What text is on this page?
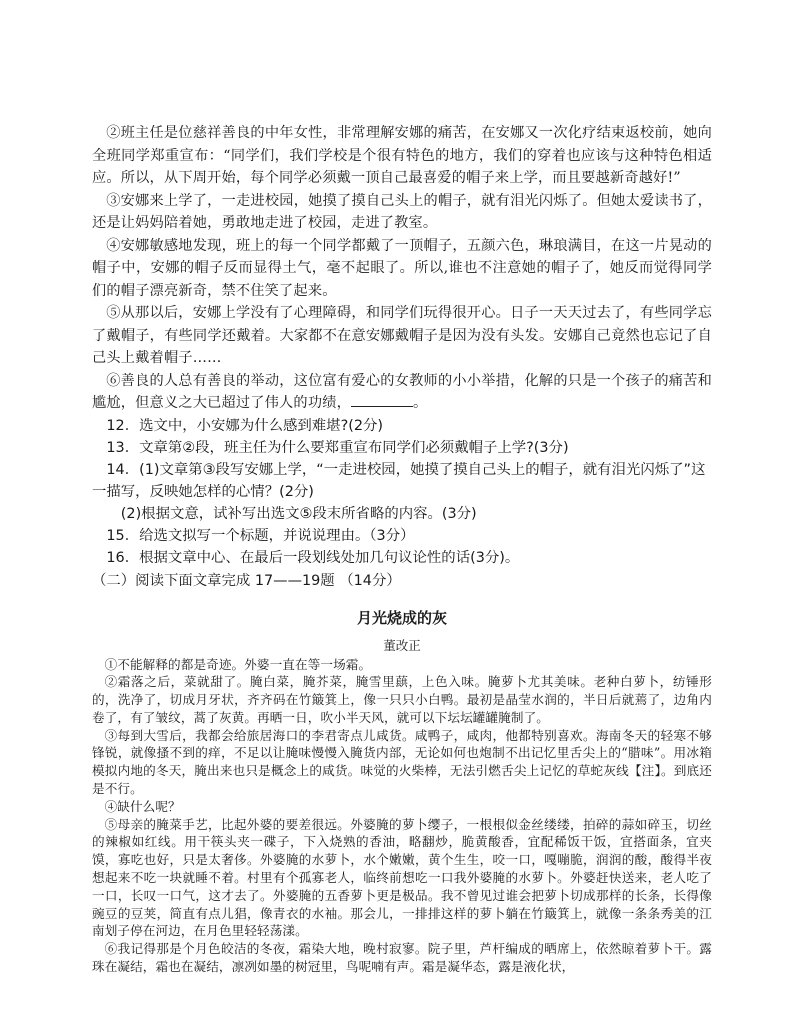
②班主任是位慈祥善良的中年女性，非常理解安娜的痛苦，在安娜又一次化疗结束返校前，她向全班同学郑重宣布：“同学们，我们学校是个很有特色的地方，我们的穿着也应该与这种特色相适应。所以，从下周开始，每个同学必须戴一顶自己最喜爱的帽子来上学，而且要越新奇越好!”

③安娜来上学了，一走进校园，她摸了摸自己头上的帽子，就有泪光闪烁了。但她太爱读书了，还是让妈妈陪着她，勇敢地走进了校园，走进了教室。

④安娜敏感地发现，班上的每一个同学都戴了一顶帽子，五颜六色，琳琅满目，在这一片晃动的帽子中，安娜的帽子反而显得土气，毫不起眼了。所以,谁也不注意她的帽子了，她反而觉得同学们的帽子漂亮新奇，禁不住笑了起来。

⑤从那以后，安娜上学没有了心理障碍，和同学们玩得很开心。日子一天天过去了，有些同学忘了戴帽子，有些同学还戴着。大家都不在意安娜戴帽子是因为没有头发。安娜自己竟然也忘记了自己头上戴着帽子……

⑥善良的人总有善良的举动，这位富有爱心的女教师的小小举措，化解的只是一个孩子的痛苦和尴尬，但意义之大已超过了伟人的功绩，	。

12．选文中，小安娜为什么感到难堪?(2分)

13．文章第②段，班主任为什么要郑重宣布同学们必须戴帽子上学?(3分)

14．(1)文章第③段写安娜上学，“一走进校园，她摸了摸自己头上的帽子，就有泪光闪烁了”这一描写，反映她怎样的心情？(2分)

(2)根据文意，试补写出选文⑤段末所省略的内容。(3分)

15．给选文拟写一个标题，并说说理由。（3分）

16．根据文章中心、在最后一段划线处加几句议论性的话(3分)。

（二）阅读下面文章完成 17——19题 （14分）

月光烧成的灰
董改正

①不能解释的都是奇迹。外婆一直在等一场霜。

②霜落之后，菜就甜了。腌白菜，腌芥菜，腌雪里蕻，上色入味。腌萝卜尤其美味。老种白萝卜，纺锤形的，洗净了，切成月牙状，齐齐码在竹簸箕上，像一只只小白鸭。最初是晶莹水润的，半日后就蔫了，边角内卷了，有了皱纹，蒿了灰黄。再晒一日，吹小半天风，就可以下坛坛罐罐腌制了。

③每到大雪后，我都会给旅居海口的李君寄点儿咸货。咸鸭子，咸肉，他都特别喜欢。海南冬天的轻寒不够锋锐，就像搔不到的痒，不足以让腌味慢慢入腌货内部，无论如何也炮制不出记忆里舌尖上的“腊味”。用冰箱模拟内地的冬天，腌出来也只是概念上的咸货。味觉的火柴棒，无法引燃舌尖上记忆的草蛇灰线【注】。到底还是不行。

④缺什么呢？

⑤母亲的腌菜手艺，比起外婆的要差很远。外婆腌的萝卜缨子，一根根似金丝缕缕，拍碎的蒜如碎玉，切丝的辣椒如红线。用干筷头夹一碟子，下入烧熟的香油，略翻炒，脆黄酸香，宜配稀饭干饭，宜搭面条，宜夹馍，寡吃也好，只是太奢侈。外婆腌的水萝卜，水个嫩嫩，黄个生生，咬一口，嘎嘣脆，润润的酸，酸得半夜想起来不吃一块就睡不着。村里有个孤寡老人，临终前想吃一口我外婆腌的水萝卜。外婆赶快送来，老人吃了一口，长叹一口气，这才去了。外婆腌的五香萝卜更是极品。我不曾见过谁会把萝卜切成那样的长条，长得像豌豆的豆荚，简直有点儿猖，像青衣的水袖。那会儿，一排排这样的萝卜躺在竹簸箕上，就像一条条秀美的江南划子停在河边，在月色里轻轻荡漾。

⑥我记得那是个月色皎洁的冬夜，霜染大地，晚村寂寥。院子里，芦杆编成的晒席上，依然晾着萝卜干。露珠在凝结，霜也在凝结，凛冽如墨的树冠里，鸟呢喃有声。霜是凝华态，露是液化状，
